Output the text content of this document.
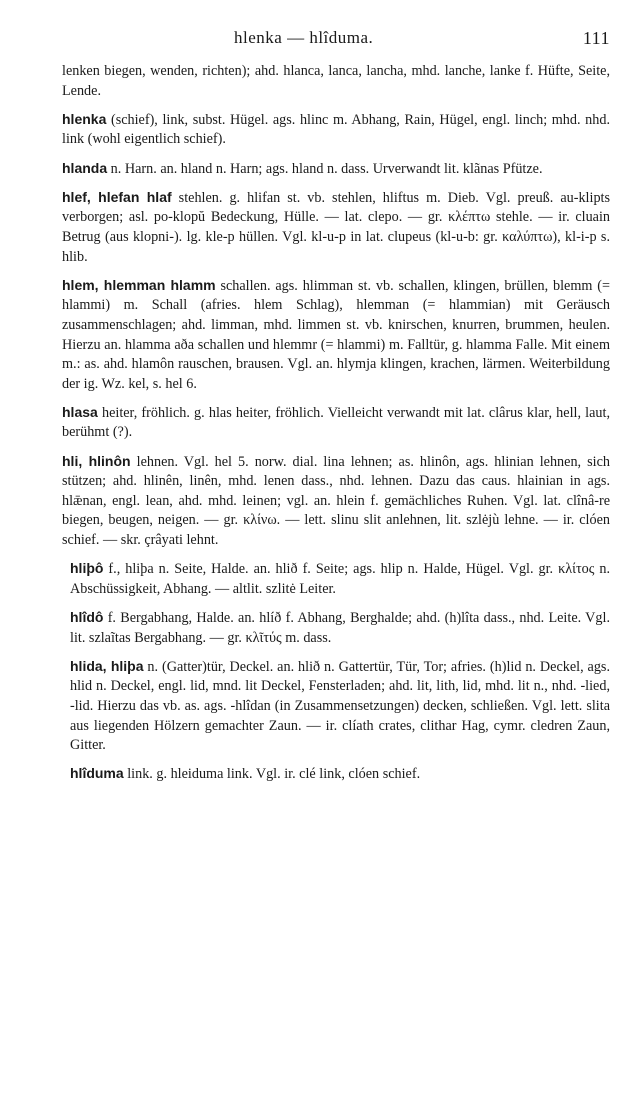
hlenka — hlîduma.	111

lenken biegen, wenden, richten); ahd. hlanca, lanca, lancha, mhd. lanche, lanke f. Hüfte, Seite, Lende.

hlenka (schief), link, subst. Hügel. ags. hlinc m. Abhang, Rain, Hügel, engl. linch; mhd. nhd. link (wohl eigentlich schief).

hlanda n. Harn. an. hland n. Harn; ags. hland n. dass. Urverwandt lit. klãnas Pfütze.

hlef, hlefan hlaf stehlen. g. hlifan st. vb. stehlen, hliftus m. Dieb. Vgl. preuß. au-klipts verborgen; asl. po-klopŭ Bedeckung, Hülle. — lat. clepo. — gr. κλέπτω stehle. — ir. cluain Betrug (aus klopni-). lg. kle-p hüllen. Vgl. kl-u-p in lat. clupeus (kl-u-b: gr. καλύπτω), kl-i-p s. hlib.

hlem, hlemman hlamm schallen. ags. hlimman st. vb. schallen, klingen, brüllen, blemm (= hlammi) m. Schall (afries. hlem Schlag), hlemman (= hlammian) mit Geräusch zusammenschlagen; ahd. limman, mhd. limmen st. vb. knirschen, knurren, brummen, heulen. Hierzu an. hlamma aða schallen und hlemmr (= hlammi) m. Falltür, g. hlamma Falle. Mit einem m.: as. ahd. hlamôn rauschen, brausen. Vgl. an. hlymja klingen, krachen, lärmen. Weiterbildung der ig. Wz. kel, s. hel 6.

hlasa heiter, fröhlich. g. hlas heiter, fröhlich. Vielleicht verwandt mit lat. clârus klar, hell, laut, berühmt (?).

hli, hlinôn lehnen. Vgl. hel 5. norw. dial. lina lehnen; as. hlinôn, ags. hlinian lehnen, sich stützen; ahd. hlinên, linên, mhd. lenen dass., nhd. lehnen. Dazu das caus. hlainian in ags. hlǣnan, engl. lean, ahd. mhd. leinen; vgl. an. hlein f. gemächliches Ruhen. Vgl. lat. clînâ-re biegen, beugen, neigen. — gr. κλίνω. — lett. slinu slit anlehnen, lit. szlėjù lehne. — ir. clóen schief. — skr. çrâyati lehnt.

hliþô f., hliþa n. Seite, Halde. an. hlið f. Seite; ags. hlip n. Halde, Hügel. Vgl. gr. κλίτος n. Abschüssigkeit, Abhang. — altlit. szlitė Leiter.

hlîdô f. Bergabhang, Halde. an. hlíð f. Abhang, Berghalde; ahd. (h)lîta dass., nhd. Leite. Vgl. lit. szlaĩtas Bergabhang. — gr. κλῖτύς m. dass.

hlida, hliþa n. (Gatter)tür, Deckel. an. hlið n. Gattertür, Tür, Tor; afries. (h)lid n. Deckel, ags. hlid n. Deckel, engl. lid, mnd. lit Deckel, Fensterladen; ahd. lit, lith, lid, mhd. lit n., nhd. -lied, -lid. Hierzu das vb. as. ags. -hlîdan (in Zusammensetzungen) decken, schließen. Vgl. lett. slita aus liegenden Hölzern gemachter Zaun. — ir. clíath crates, clithar Hag, cymr. cledren Zaun, Gitter.

hlîduma link. g. hleiduma link. Vgl. ir. clé link, clóen schief.
